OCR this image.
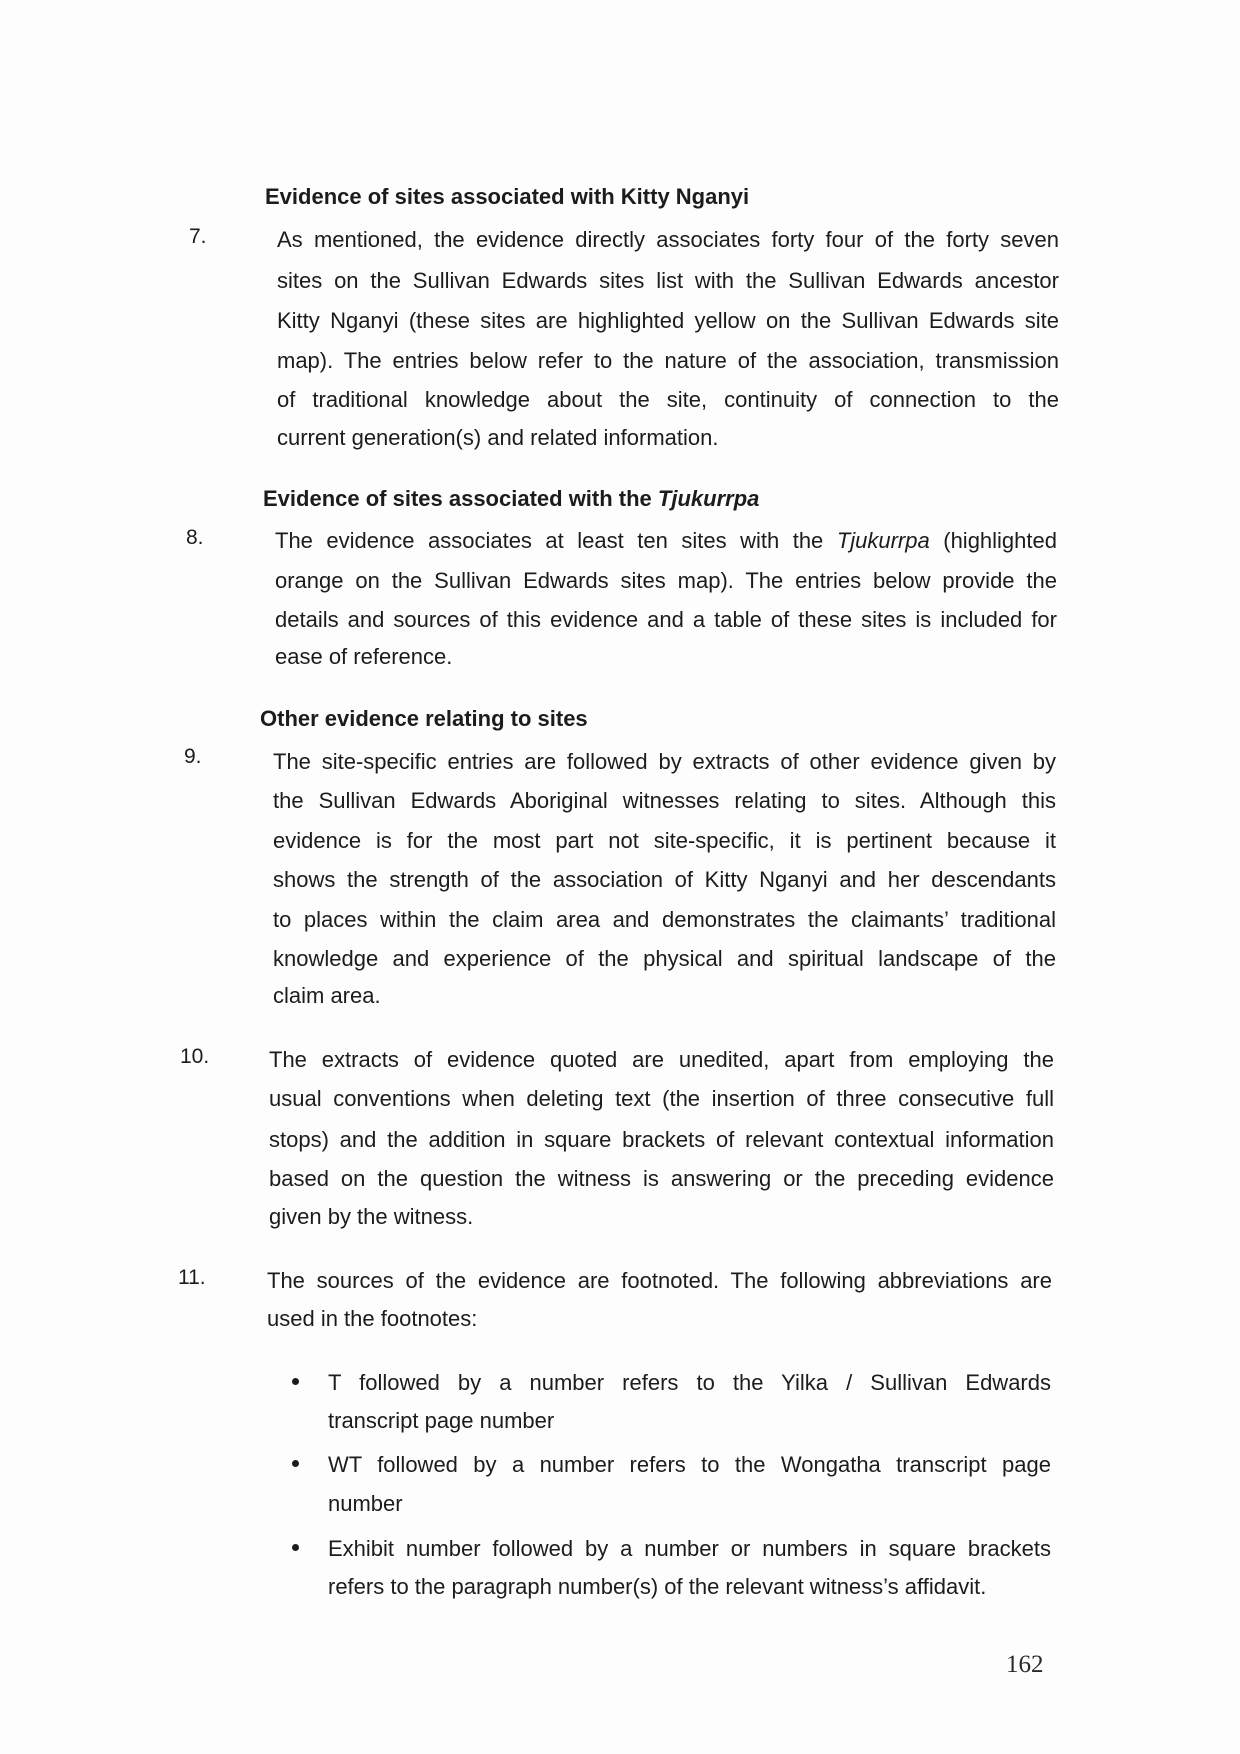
Evidence of sites associated with Kitty Nganyi
7.	As mentioned, the evidence directly associates forty four of the forty seven
sites on the Sullivan Edwards sites list with the Sullivan Edwards ancestor
Kitty Nganyi (these sites are highlighted yellow on the Sullivan Edwards site
map). The entries below refer to the nature of the association, transmission
of traditional knowledge about the site, continuity of connection to the
current generation(s) and related information.
Evidence of sites associated with the Tjukurrpa
8.	The evidence associates at least ten sites with the Tjukurrpa (highlighted
orange on the Sullivan Edwards sites map). The entries below provide the
details and sources of this evidence and a table of these sites is included for
ease of reference.
Other evidence relating to sites
9.	The site-specific entries are followed by extracts of other evidence given by
the Sullivan Edwards Aboriginal witnesses relating to sites. Although this
evidence is for the most part not site-specific, it is pertinent because it
shows the strength of the association of Kitty Nganyi and her descendants
to places within the claim area and demonstrates the claimants’ traditional
knowledge and experience of the physical and spiritual landscape of the
claim area.
10.	The extracts of evidence quoted are unedited, apart from employing the
usual conventions when deleting text (the insertion of three consecutive full
stops) and the addition in square brackets of relevant contextual information
based on the question the witness is answering or the preceding evidence
given by the witness.
11.	The sources of the evidence are footnoted. The following abbreviations are
used in the footnotes:
T followed by a number refers to the Yilka / Sullivan Edwards
transcript page number
WT followed by a number refers to the Wongatha transcript page
number
Exhibit number followed by a number or numbers in square brackets
refers to the paragraph number(s) of the relevant witness’s affidavit.
162
